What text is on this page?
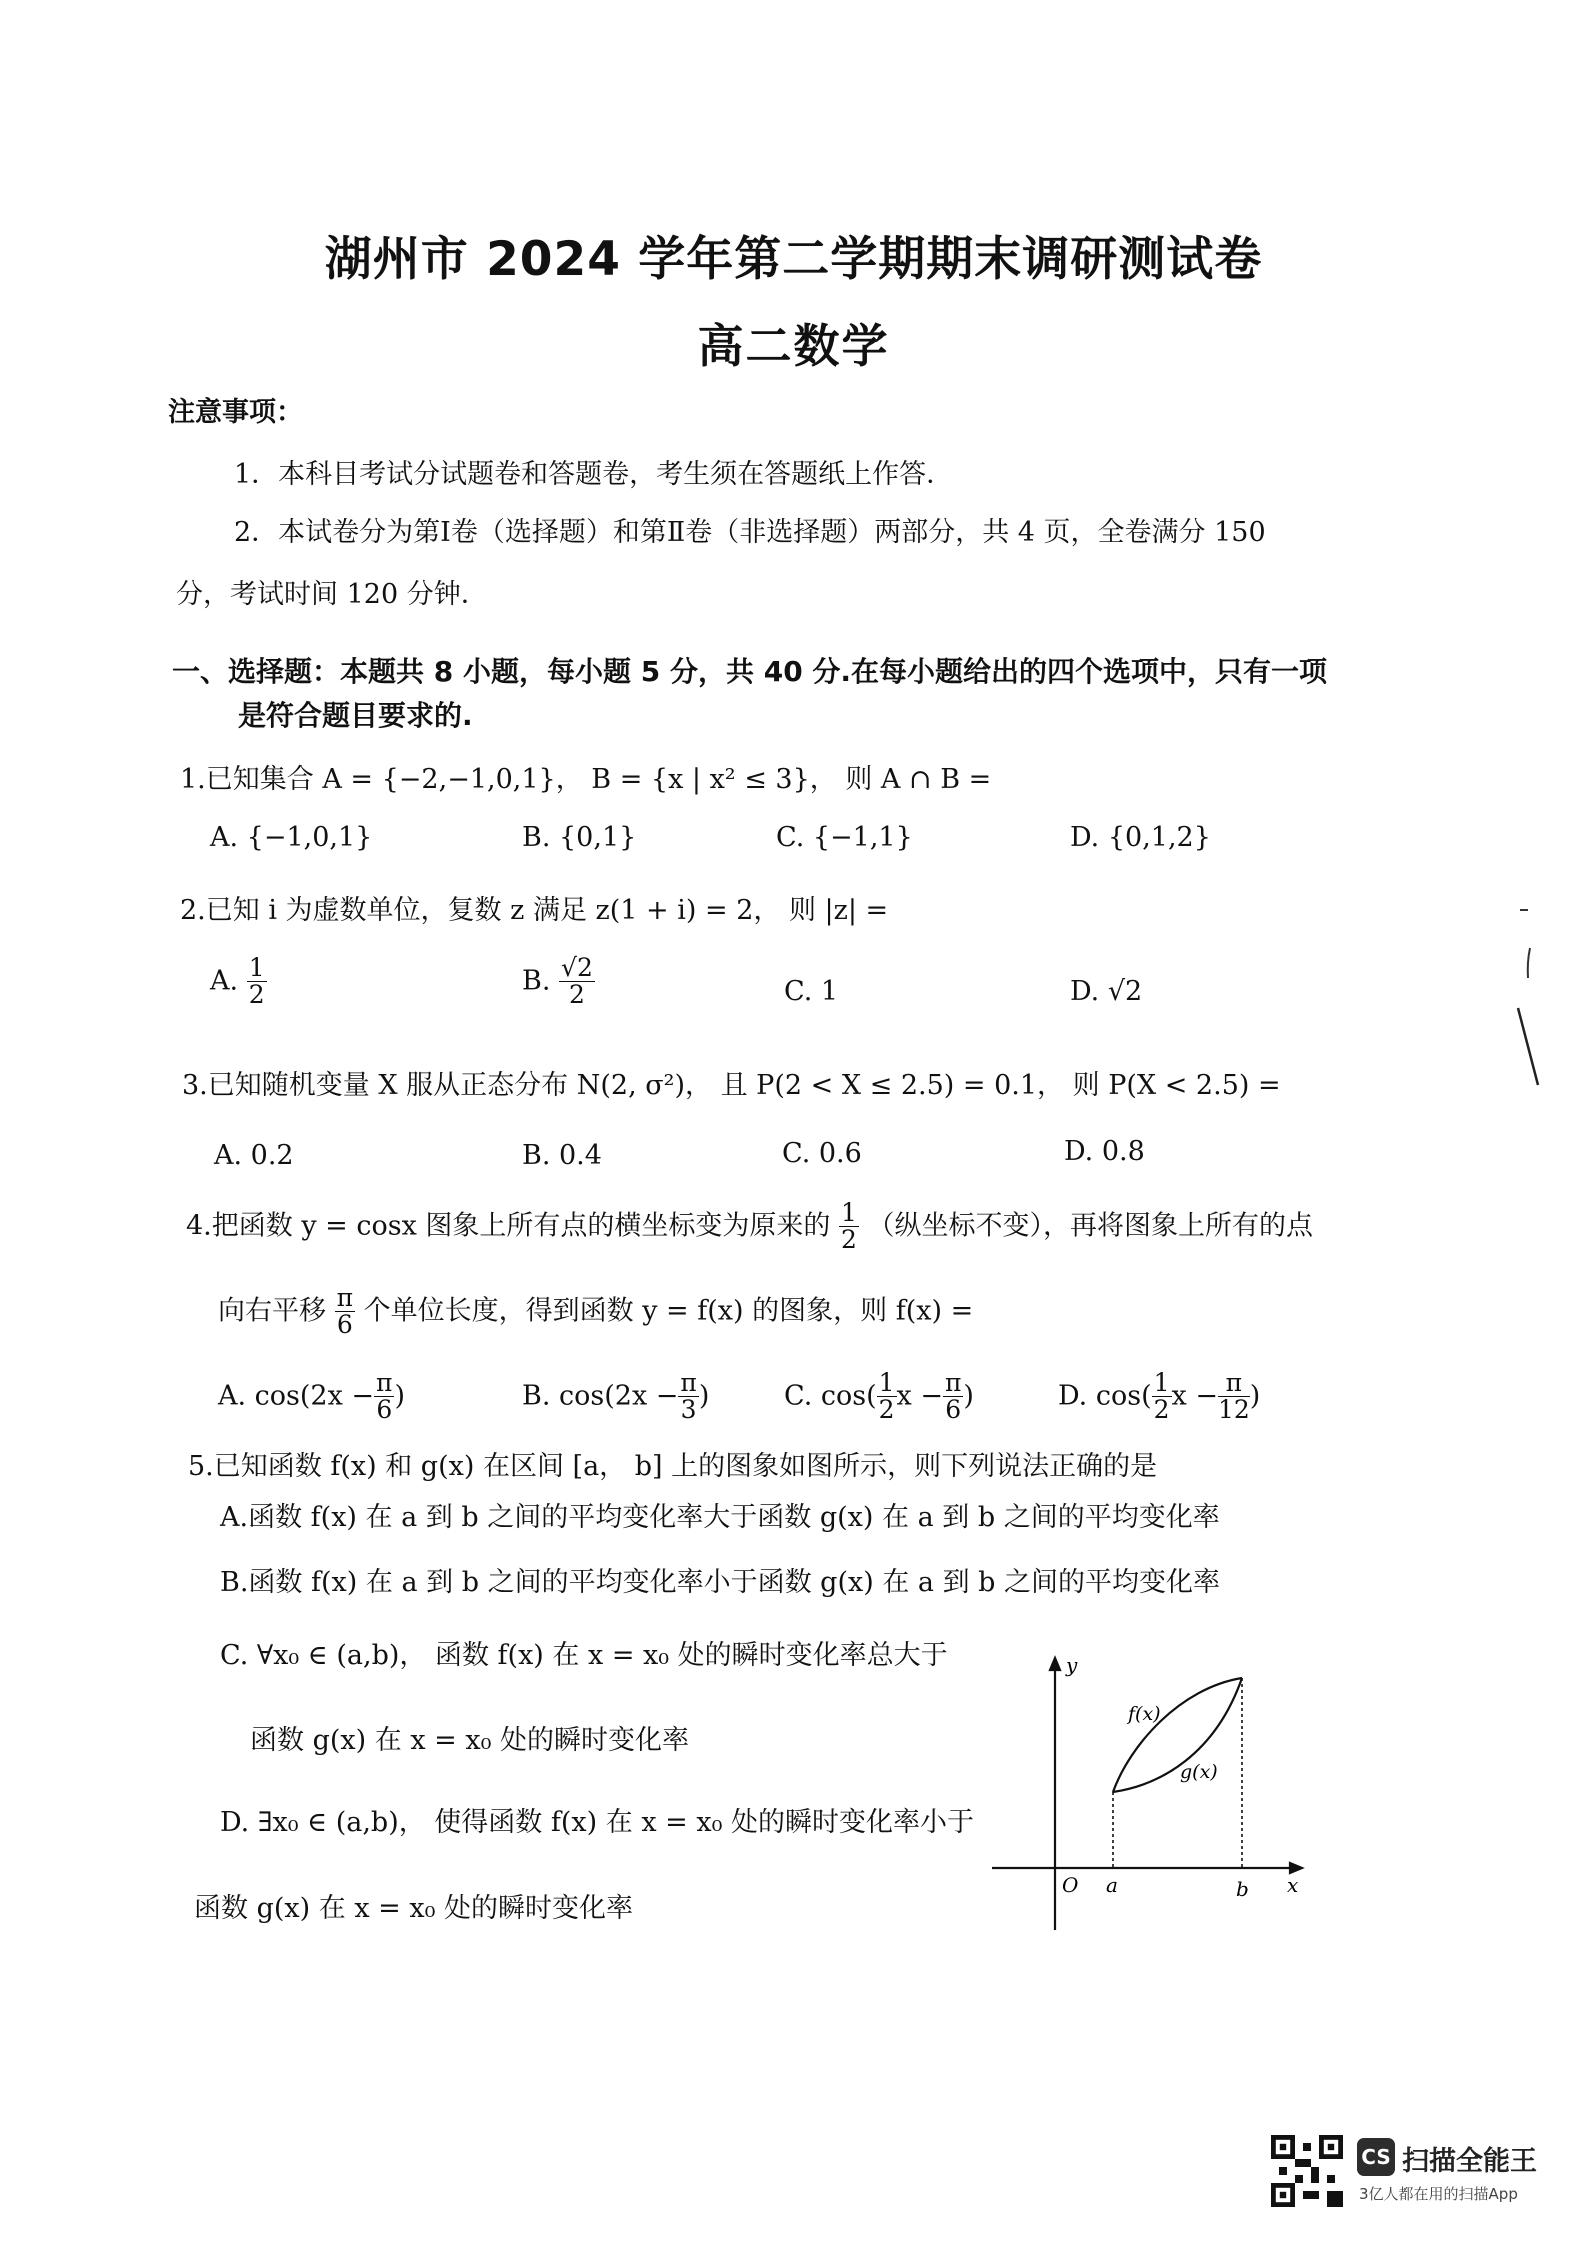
湖州市 2024 学年第二学期期末调研测试卷
高二数学
注意事项：
1．本科目考试分试题卷和答题卷，考生须在答题纸上作答．
2．本试卷分为第Ⅰ卷（选择题）和第Ⅱ卷（非选择题）两部分，共 4 页，全卷满分 150
分，考试时间 120 分钟．
一、选择题：本题共 8 小题，每小题 5 分，共 40 分.在每小题给出的四个选项中，只有一项
是符合题目要求的.
1.已知集合 A = {−2,−1,0,1}， B = {x | x² ≤ 3}， 则 A ∩ B =
A. {−1,0,1}	B. {0,1}	C. {−1,1}	D. {0,1,2}
2.已知 i 为虚数单位，复数 z 满足 z(1 + i) = 2， 则 |z| =
A. $\frac{1}{2}$	B. $\frac{√2}{2}$	C. 1	D. √2
3.已知随机变量 X 服从正态分布 N(2, σ²)， 且 P(2 < X ≤ 2.5) = 0.1， 则 P(X < 2.5) =
A. 0.2	B. 0.4	C. 0.6	D. 0.8
4.把函数 y = cosx 图象上所有点的横坐标变为原来的 $\frac{1}{2}$ （纵坐标不变），再将图象上所有的点
向右平移 $\frac{\pi}{6}$ 个单位长度，得到函数 y = f(x) 的图象，则 f(x) =
A. $\cos(2x - \frac{\pi}{6}$ )	B. $\cos(2x - \frac{\pi}{3}$ )	C. $\cos( \frac{1}{2}$ $x - \frac{\pi}{6}$ )	D. $\cos( \frac{1}{2}$ $x - \frac{\pi}{12}$ )
5.已知函数 f(x) 和 g(x) 在区间 [a， b] 上的图象如图所示，则下列说法正确的是
A.函数 f(x) 在 a 到 b 之间的平均变化率大于函数 g(x) 在 a 到 b 之间的平均变化率
B.函数 f(x) 在 a 到 b 之间的平均变化率小于函数 g(x) 在 a 到 b 之间的平均变化率
C. ∀x₀ ∈ (a,b)， 函数 f(x) 在 x = x₀ 处的瞬时变化率总大于
函数 g(x) 在 x = x₀ 处的瞬时变化率
D. ∃x₀ ∈ (a,b)， 使得函数 f(x) 在 x = x₀ 处的瞬时变化率小于
函数 g(x) 在 x = x₀ 处的瞬时变化率
y
x
O a	b
f(x)
g(x)
CS 扫描全能王
3亿人都在用的扫描App
